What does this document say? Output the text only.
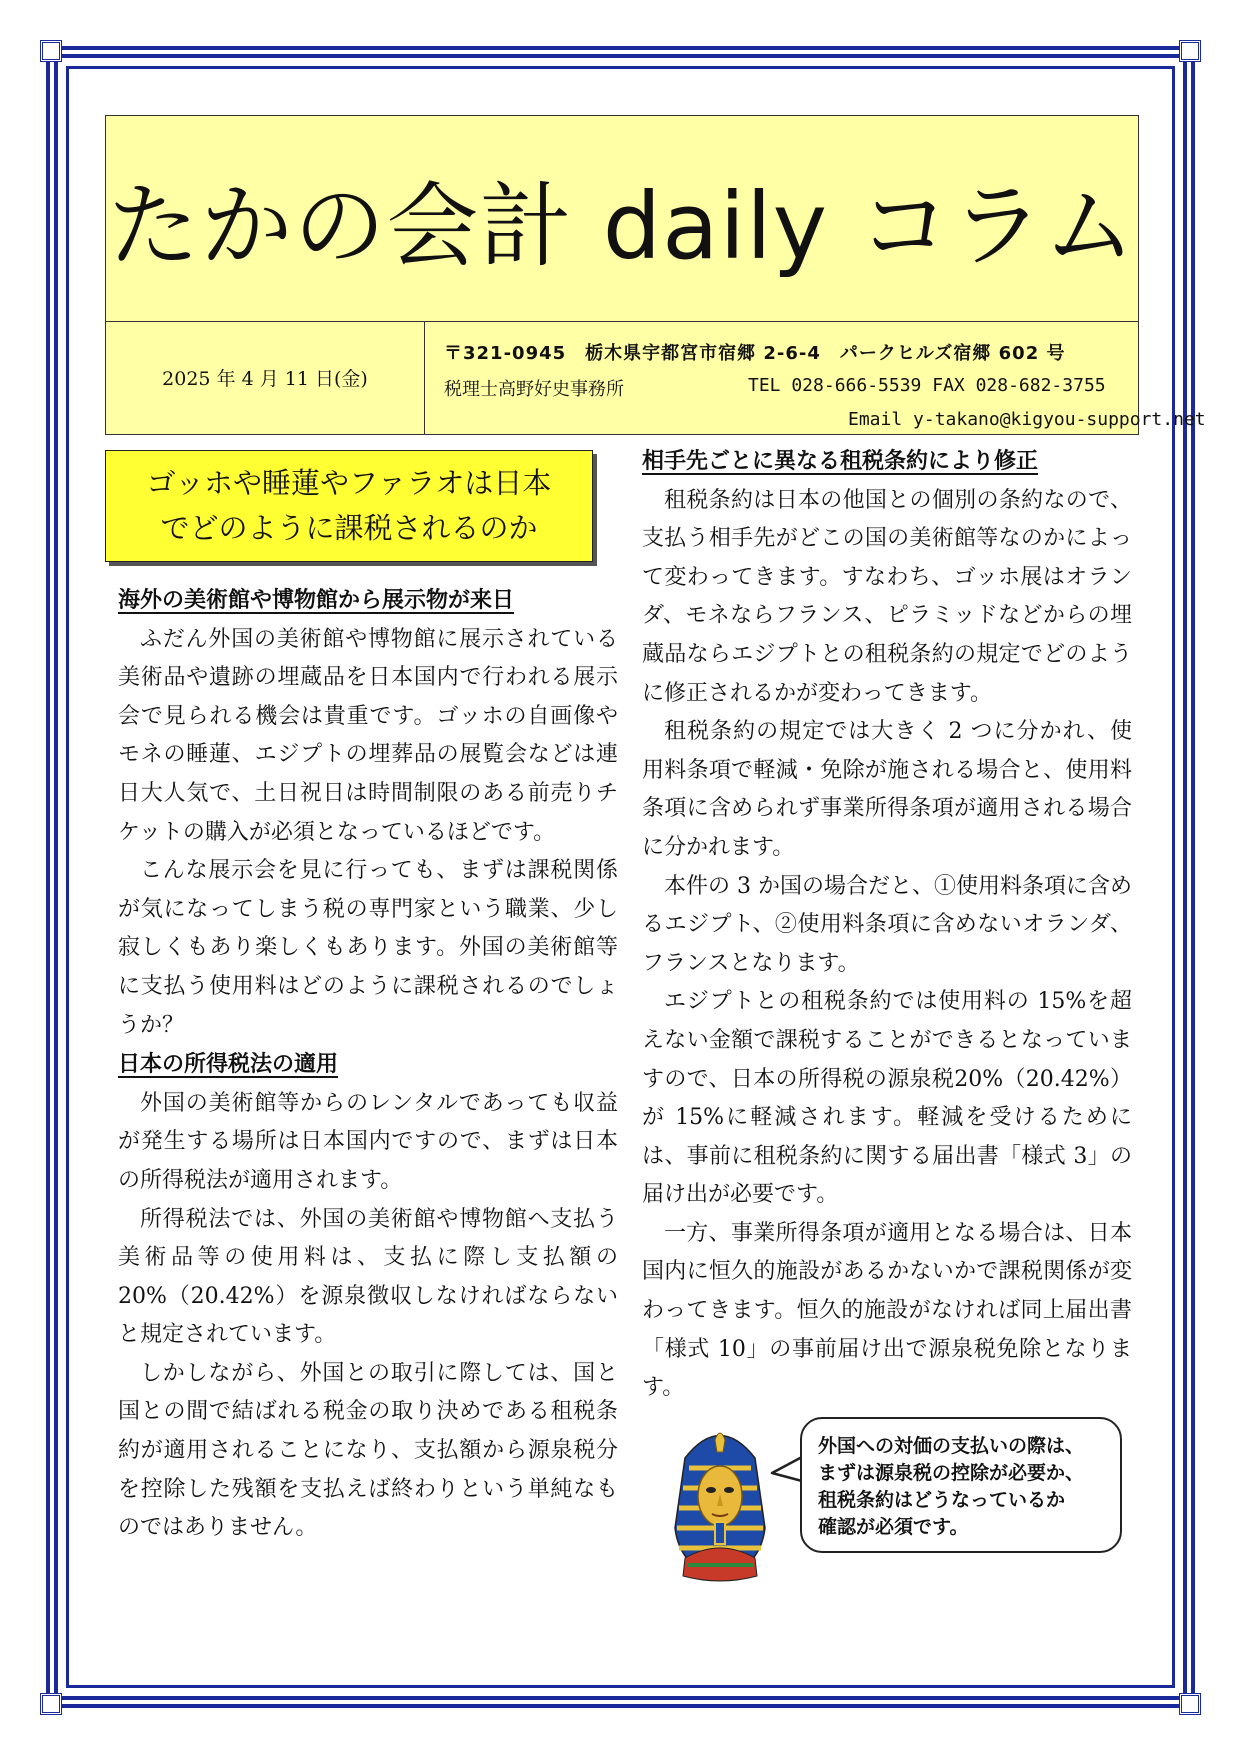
たかの会計 daily コラム
2025 年 4 月 11 日(金)
〒321-0945　栃木県宇都宮市宿郷 2-6-4　パークヒルズ宿郷 602 号
税理士高野好史事務所	TEL 028-666-5539 FAX 028-682-3755
Email y-takano@kigyou-support.net
ゴッホや睡蓮やファラオは日本
でどのように課税されるのか
海外の美術館や博物館から展示物が来日

ふだん外国の美術館や博物館に展示されている美術品や遺跡の埋蔵品を日本国内で行われる展示会で見られる機会は貴重です。ゴッホの自画像やモネの睡蓮、エジプトの埋葬品の展覧会などは連日大人気で、土日祝日は時間制限のある前売りチケットの購入が必須となっているほどです。

こんな展示会を見に行っても、まずは課税関係が気になってしまう税の専門家という職業、少し寂しくもあり楽しくもあります。外国の美術館等に支払う使用料はどのように課税されるのでしょうか？

日本の所得税法の適用

外国の美術館等からのレンタルであっても収益が発生する場所は日本国内ですので、まずは日本の所得税法が適用されます。

所得税法では、外国の美術館や博物館へ支払う美術品等の使用料は、支払に際し支払額の 20%（20.42%）を源泉徴収しなければならないと規定されています。

しかしながら、外国との取引に際しては、国と国との間で結ばれる税金の取り決めである租税条約が適用されることになり、支払額から源泉税分を控除した残額を支払えば終わりという単純なものではありません。

相手先ごとに異なる租税条約により修正

租税条約は日本の他国との個別の条約なので、支払う相手先がどこの国の美術館等なのかによって変わってきます。すなわち、ゴッホ展はオランダ、モネならフランス、ピラミッドなどからの埋蔵品ならエジプトとの租税条約の規定でどのように修正されるかが変わってきます。

租税条約の規定では大きく 2 つに分かれ、使用料条項で軽減・免除が施される場合と、使用料条項に含められず事業所得条項が適用される場合に分かれます。

本件の 3 か国の場合だと、①使用料条項に含めるエジプト、②使用料条項に含めないオランダ、フランスとなります。

エジプトとの租税条約では使用料の 15%を超えない金額で課税することができるとなっていますので、日本の所得税の源泉税20%（20.42%）が 15%に軽減されます。軽減を受けるためには、事前に租税条約に関する届出書「様式 3」の届け出が必要です。

一方、事業所得条項が適用となる場合は、日本国内に恒久的施設があるかないかで課税関係が変わってきます。恒久的施設がなければ同上届出書「様式 10」の事前届け出で源泉税免除となります。

外国への対価の支払いの際は、
まずは源泉税の控除が必要か、
租税条約はどうなっているか
確認が必須です。
